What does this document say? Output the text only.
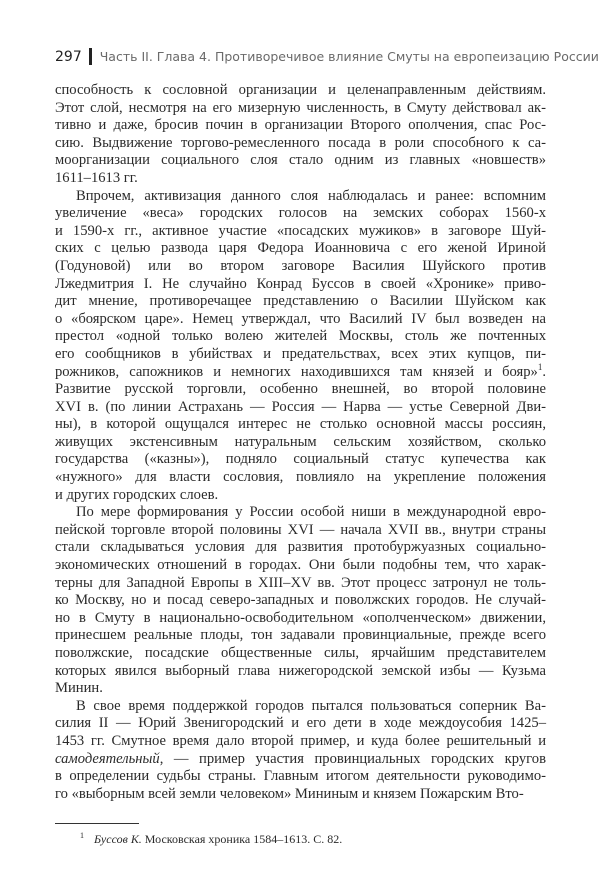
297 Часть II. Глава 4. Противоречивое влияние Смуты на европеизацию России
способность к сословной организации и целенаправленным действиям.
Этот слой, несмотря на его мизерную численность, в Смуту действовал ак-
тивно и даже, бросив почин в организации Второго ополчения, спас Рос-
сию. Выдвижение торгово-ремесленного посада в роли способного к са-
моорганизации социального слоя стало одним из главных «новшеств»
1611–1613 гг.
Впрочем, активизация данного слоя наблюдалась и ранее: вспомним
увеличение «веса» городских голосов на земских соборах 1560-х
и 1590-х гг., активное участие «посадских мужиков» в заговоре Шуй-
ских с целью развода царя Федора Иоанновича с его женой Ириной
(Годуновой) или во втором заговоре Василия Шуйского против
Лжедмитрия I. Не случайно Конрад Буссов в своей «Хронике» приво-
дит мнение, противоречащее представлению о Василии Шуйском как
о «боярском царе». Немец утверждал, что Василий IV был возведен на
престол «одной только волею жителей Москвы, столь же почтенных
его сообщников в убийствах и предательствах, всех этих купцов, пи-
рожников, сапожников и немногих находившихся там князей и бояр»$^1$.
Развитие русской торговли, особенно внешней, во второй половине
XVI в. (по линии Астрахань — Россия — Нарва — устье Северной Дви-
ны), в которой ощущался интерес не столько основной массы россиян,
живущих экстенсивным натуральным сельским хозяйством, сколько
государства («казны»), подняло социальный статус купечества как
«нужного» для власти сословия, повлияло на укрепление положения
и других городских слоев.
По мере формирования у России особой ниши в международной евро-
пейской торговле второй половины XVI — начала XVII вв., внутри страны
стали складываться условия для развития протобуржуазных социально-
экономических отношений в городах. Они были подобны тем, что харак-
терны для Западной Европы в XIII–XV вв. Этот процесс затронул не толь-
ко Москву, но и посад северо-западных и поволжских городов. Не случай-
но в Смуту в национально-освободительном «ополченческом» движении,
принесшем реальные плоды, тон задавали провинциальные, прежде всего
поволжские, посадские общественные силы, ярчайшим представителем
которых явился выборный глава нижегородской земской избы — Кузьма
Минин.
В свое время поддержкой городов пытался пользоваться соперник Ва-
силия II — Юрий Звенигородский и его дети в ходе междоусобия 1425–
1453 гг. Смутное время дало второй пример, и куда более решительный и
самодеятельный, — пример участия провинциальных городских кругов
в определении судьбы страны. Главным итогом деятельности руководимо-
го «выборным всей земли человеком» Мининым и князем Пожарским Вто-
$^1$ Буссов К. Московская хроника 1584–1613. С. 82.
